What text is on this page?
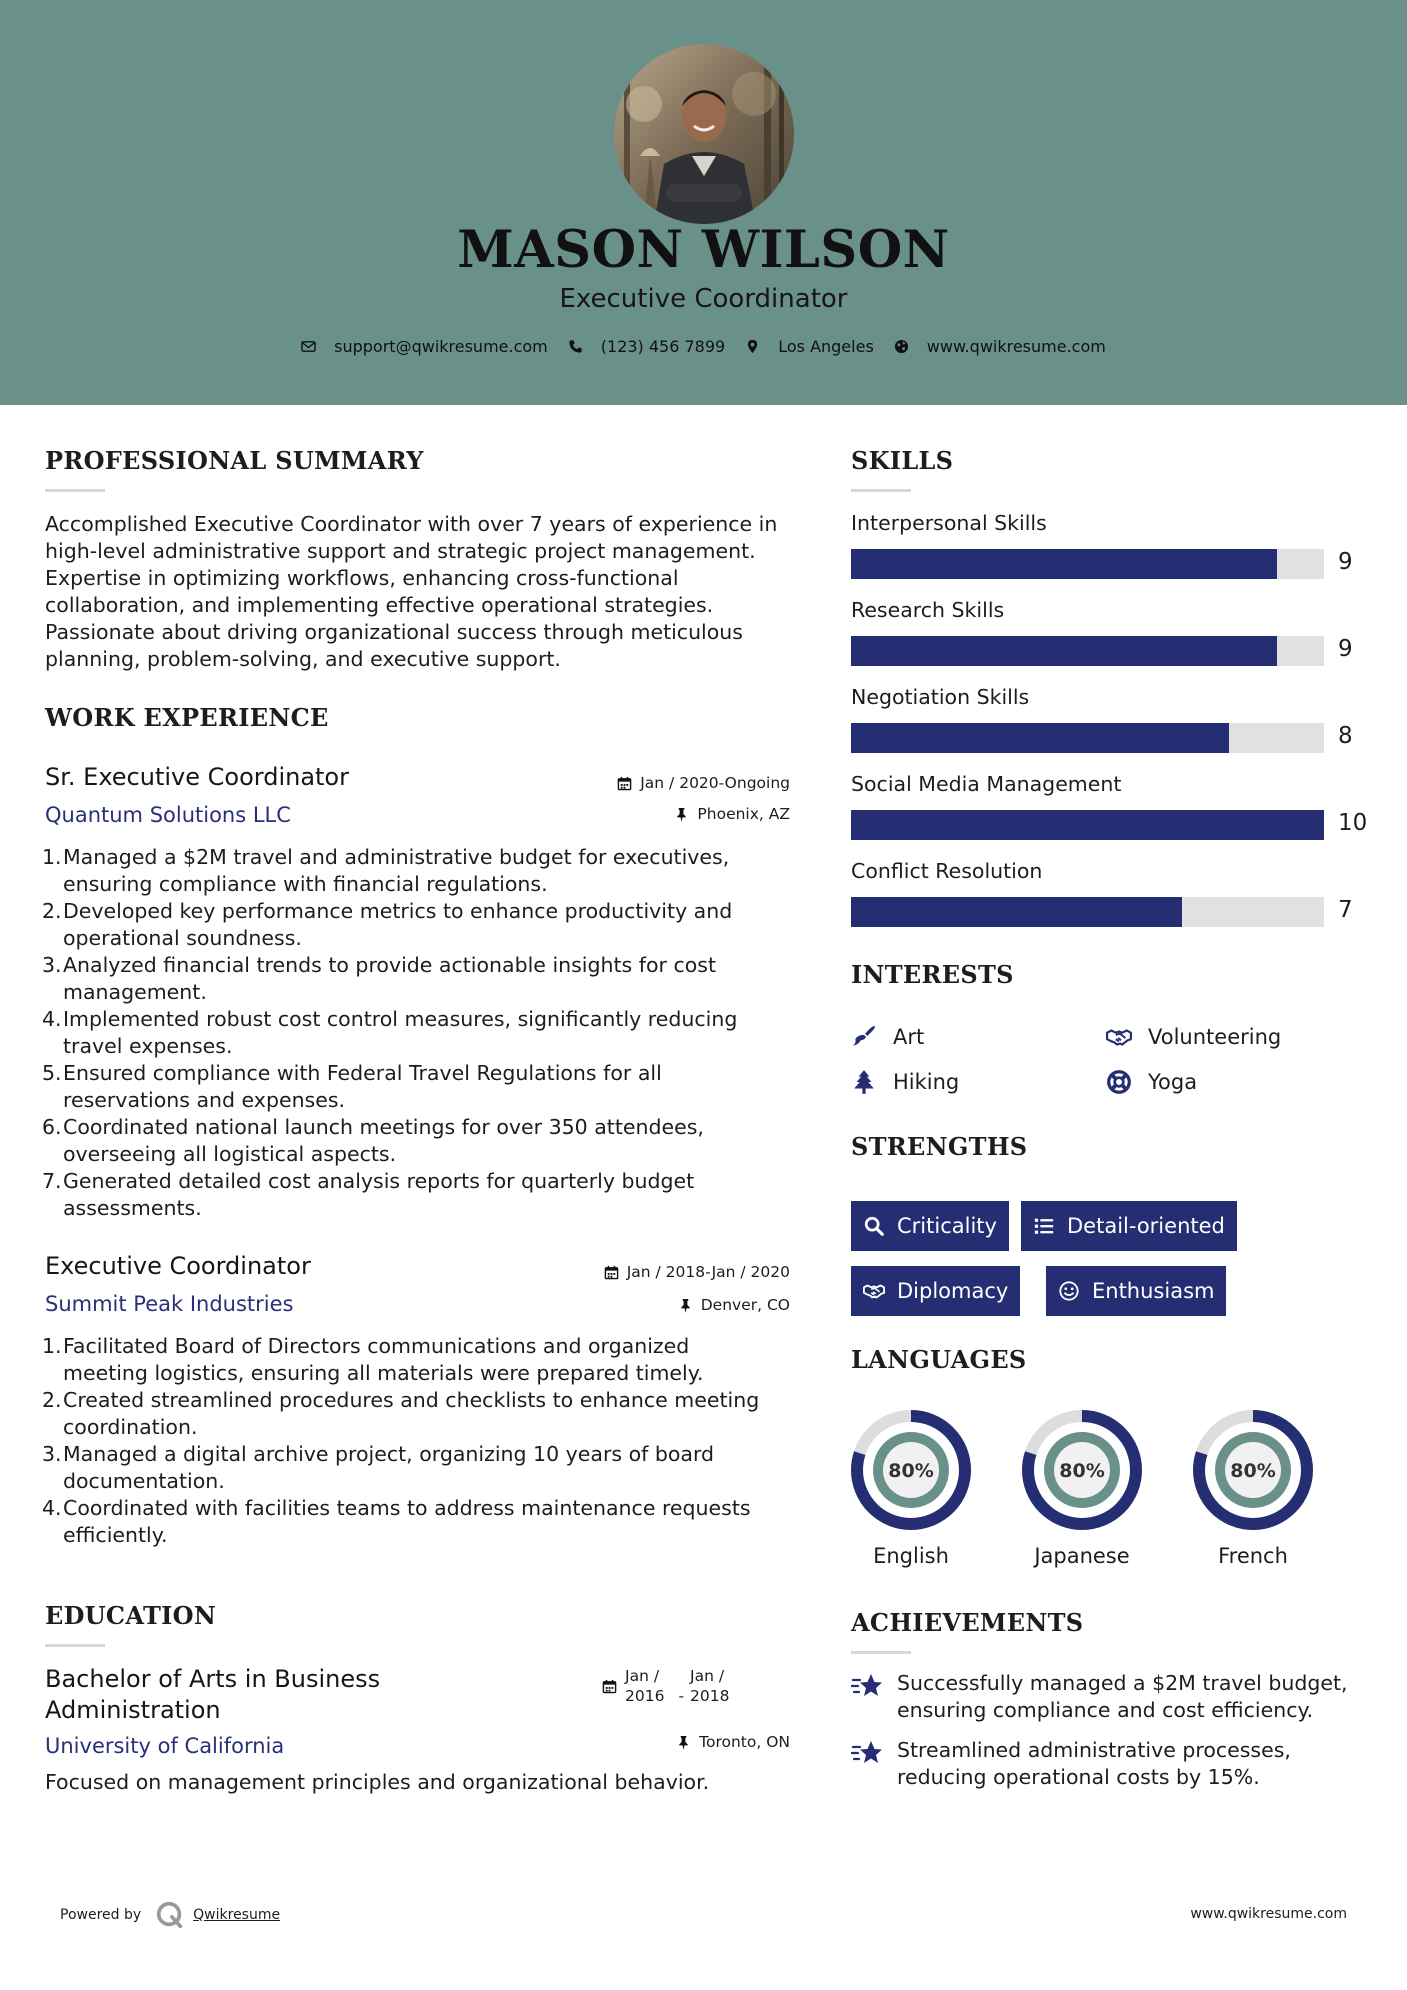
MASON WILSON
Executive Coordinator
support@qwikresume.com	(123) 456 7899	Los Angeles	www.qwikresume.com
PROFESSIONAL SUMMARY
Accomplished Executive Coordinator with over 7 years of experience in
high-level administrative support and strategic project management.
Expertise in optimizing workflows, enhancing cross-functional
collaboration, and implementing effective operational strategies.
Passionate about driving organizational success through meticulous
planning, problem-solving, and executive support.
WORK EXPERIENCE
Sr. Executive Coordinator
Quantum Solutions LLC
Jan / 2020-Ongoing
Phoenix, AZ
1. Managed a $2M travel and administrative budget for executives,
ensuring compliance with financial regulations.
2. Developed key performance metrics to enhance productivity and
operational soundness.
3. Analyzed financial trends to provide actionable insights for cost
management.
4. Implemented robust cost control measures, significantly reducing
travel expenses.
5. Ensured compliance with Federal Travel Regulations for all
reservations and expenses.
6. Coordinated national launch meetings for over 350 attendees,
overseeing all logistical aspects.
7. Generated detailed cost analysis reports for quarterly budget
assessments.
Executive Coordinator
Summit Peak Industries
Jan / 2018-Jan / 2020
Denver, CO
1. Facilitated Board of Directors communications and organized
meeting logistics, ensuring all materials were prepared timely.
2. Created streamlined procedures and checklists to enhance meeting
coordination.
3. Managed a digital archive project, organizing 10 years of board
documentation.
4. Coordinated with facilities teams to address maintenance requests
efficiently.
EDUCATION
Bachelor of Arts in Business
Administration
University of California
Jan /
2016 -
Jan /
2018
Toronto, ON
Focused on management principles and organizational behavior.
SKILLS
Interpersonal Skills
9
Research Skills
9
Negotiation Skills
8
Social Media Management
10
Conflict Resolution
7
INTERESTS
Art	Volunteering
Hiking	Yoga
STRENGTHS
Criticality	Detail-oriented
Diplomacy	Enthusiasm
LANGUAGES
80%
English
80%
Japanese
80%
French
ACHIEVEMENTS
Successfully managed a $2M travel budget,
ensuring compliance and cost efficiency.
Streamlined administrative processes,
reducing operational costs by 15%.
Powered by	Qwikresume	www.qwikresume.com
